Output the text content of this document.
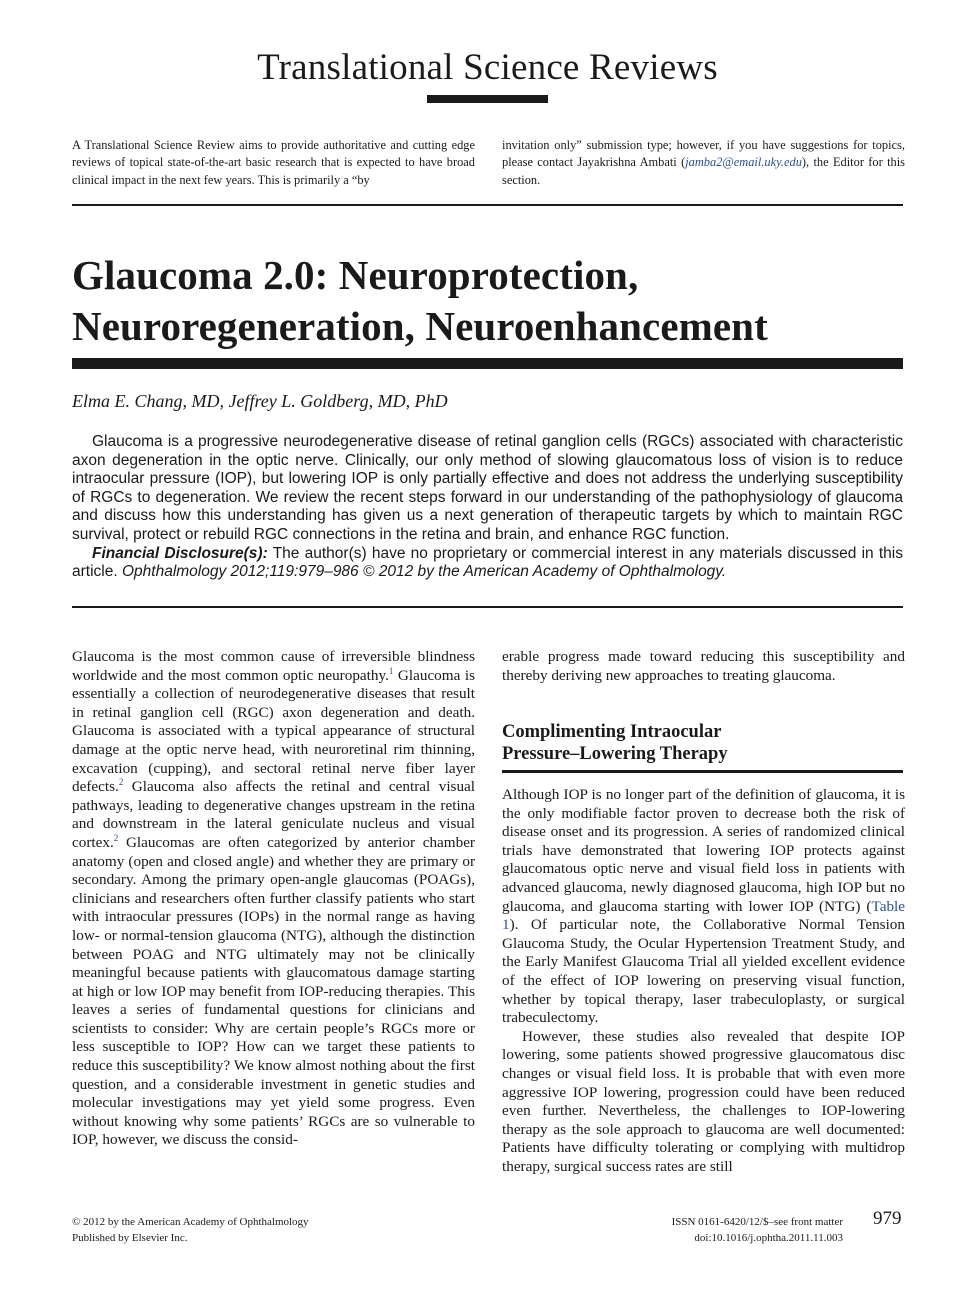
Translational Science Reviews
A Translational Science Review aims to provide authoritative and cutting edge reviews of topical state-of-the-art basic research that is expected to have broad clinical impact in the next few years. This is primarily a “by
invitation only” submission type; however, if you have suggestions for topics, please contact Jayakrishna Ambati (jamba2@email.uky.edu), the Editor for this section.
Glaucoma 2.0: Neuroprotection,
Neuroregeneration, Neuroenhancement
Elma E. Chang, MD, Jeffrey L. Goldberg, MD, PhD

Glaucoma is a progressive neurodegenerative disease of retinal ganglion cells (RGCs) associated with characteristic axon degeneration in the optic nerve. Clinically, our only method of slowing glaucomatous loss of vision is to reduce intraocular pressure (IOP), but lowering IOP is only partially effective and does not address the underlying susceptibility of RGCs to degeneration. We review the recent steps forward in our understanding of the pathophysiology of glaucoma and discuss how this understanding has given us a next generation of therapeutic targets by which to maintain RGC survival, protect or rebuild RGC connections in the retina and brain, and enhance RGC function.

Financial Disclosure(s): The author(s) have no proprietary or commercial interest in any materials discussed in this article. Ophthalmology 2012;119:979–986 © 2012 by the American Academy of Ophthalmology.

Glaucoma is the most common cause of irreversible blindness worldwide and the most common optic neuropathy.$^1$ Glaucoma is essentially a collection of neurodegenerative diseases that result in retinal ganglion cell (RGC) axon degeneration and death. Glaucoma is associated with a typical appearance of structural damage at the optic nerve head, with neuroretinal rim thinning, excavation (cupping), and sectoral retinal nerve fiber layer defects.$^2$ Glaucoma also affects the retinal and central visual pathways, leading to degenerative changes upstream in the retina and downstream in the lateral geniculate nucleus and visual cortex.$^2$ Glaucomas are often categorized by anterior chamber anatomy (open and closed angle) and whether they are primary or secondary. Among the primary open-angle glaucomas (POAGs), clinicians and researchers often further classify patients who start with intraocular pressures (IOPs) in the normal range as having low- or normal-tension glaucoma (NTG), although the distinction between POAG and NTG ultimately may not be clinically meaningful because patients with glaucomatous damage starting at high or low IOP may benefit from IOP-reducing therapies. This leaves a series of fundamental questions for clinicians and scientists to consider: Why are certain people’s RGCs more or less susceptible to IOP? How can we target these patients to reduce this susceptibility? We know almost nothing about the first question, and a considerable investment in genetic studies and molecular investigations may yet yield some progress. Even without knowing why some patients’ RGCs are so vulnerable to IOP, however, we discuss the consid-

erable progress made toward reducing this susceptibility and thereby deriving new approaches to treating glaucoma.

Complimenting Intraocular
Pressure–Lowering Therapy

Although IOP is no longer part of the definition of glaucoma, it is the only modifiable factor proven to decrease both the risk of disease onset and its progression. A series of randomized clinical trials have demonstrated that lowering IOP protects against glaucomatous optic nerve and visual field loss in patients with advanced glaucoma, newly diagnosed glaucoma, high IOP but no glaucoma, and glaucoma starting with lower IOP (NTG) (Table 1). Of particular note, the Collaborative Normal Tension Glaucoma Study, the Ocular Hypertension Treatment Study, and the Early Manifest Glaucoma Trial all yielded excellent evidence of the effect of IOP lowering on preserving visual function, whether by topical therapy, laser trabeculoplasty, or surgical trabeculectomy.

However, these studies also revealed that despite IOP lowering, some patients showed progressive glaucomatous disc changes or visual field loss. It is probable that with even more aggressive IOP lowering, progression could have been reduced even further. Nevertheless, the challenges to IOP-lowering therapy as the sole approach to glaucoma are well documented: Patients have difficulty tolerating or complying with multidrop therapy, surgical success rates are still

© 2012 by the American Academy of Ophthalmology
Published by Elsevier Inc.
ISSN 0161-6420/12/$–see front matter
doi:10.1016/j.ophtha.2011.11.003
979
